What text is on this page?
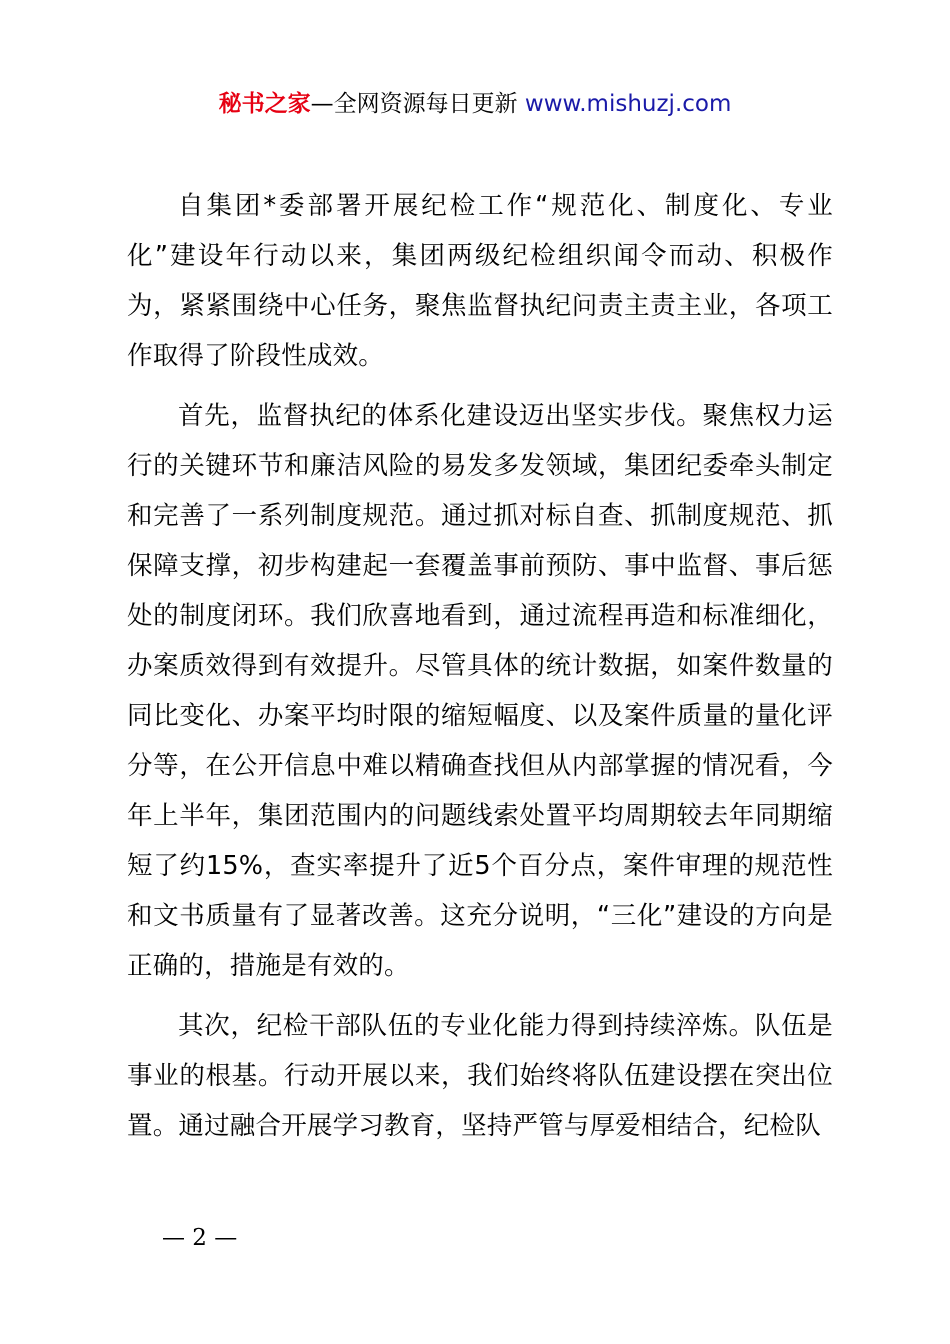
秘书之家—全网资源每日更新 www.mishuzj.com

自集团*委部署开展纪检工作“规范化、制度化、专业化”建设年行动以来，集团两级纪检组织闻令而动、积极作为，紧紧围绕中心任务，聚焦监督执纪问责主责主业，各项工作取得了阶段性成效。

首先，监督执纪的体系化建设迈出坚实步伐。聚焦权力运行的关键环节和廉洁风险的易发多发领域，集团纪委牵头制定和完善了一系列制度规范。通过抓对标自查、抓制度规范、抓保障支撑，初步构建起一套覆盖事前预防、事中监督、事后惩处的制度闭环。我们欣喜地看到，通过流程再造和标准细化，办案质效得到有效提升。尽管具体的统计数据，如案件数量的同比变化、办案平均时限的缩短幅度、以及案件质量的量化评分等，在公开信息中难以精确查找但从内部掌握的情况看，今年上半年，集团范围内的问题线索处置平均周期较去年同期缩短了约15%，查实率提升了近5个百分点，案件审理的规范性和文书质量有了显著改善。这充分说明，“三化”建设的方向是正确的，措施是有效的。

其次，纪检干部队伍的专业化能力得到持续淬炼。队伍是事业的根基。行动开展以来，我们始终将队伍建设摆在突出位置。通过融合开展学习教育，坚持严管与厚爱相结合，纪检队

— 2 —
